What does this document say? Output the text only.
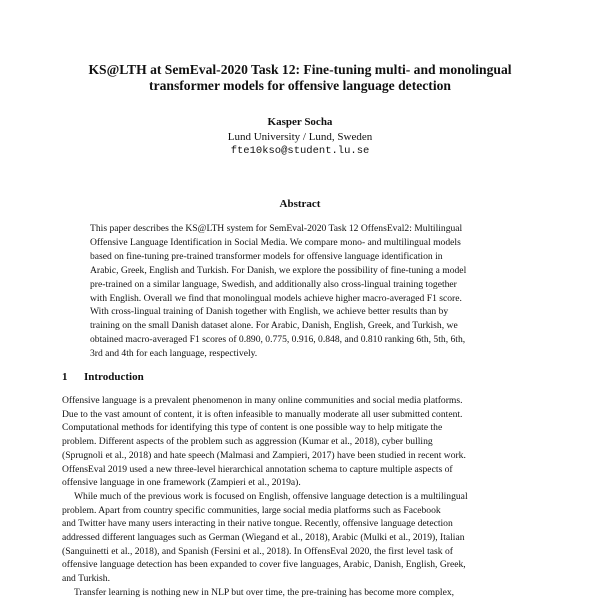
KS@LTH at SemEval-2020 Task 12: Fine-tuning multi- and monolingual
transformer models for offensive language detection
Kasper Socha
Lund University / Lund, Sweden
fte10kso@student.lu.se
Abstract
This paper describes the KS@LTH system for SemEval-2020 Task 12 OffensEval2: Multilingual
Offensive Language Identification in Social Media. We compare mono- and multilingual models
based on fine-tuning pre-trained transformer models for offensive language identification in
Arabic, Greek, English and Turkish. For Danish, we explore the possibility of fine-tuning a model
pre-trained on a similar language, Swedish, and additionally also cross-lingual training together
with English. Overall we find that monolingual models achieve higher macro-averaged F1 score.
With cross-lingual training of Danish together with English, we achieve better results than by
training on the small Danish dataset alone. For Arabic, Danish, English, Greek, and Turkish, we
obtained macro-averaged F1 scores of 0.890, 0.775, 0.916, 0.848, and 0.810 ranking 6th, 5th, 6th,
3rd and 4th for each language, respectively.
1 Introduction
Offensive language is a prevalent phenomenon in many online communities and social media platforms.
Due to the vast amount of content, it is often infeasible to manually moderate all user submitted content.
Computational methods for identifying this type of content is one possible way to help mitigate the
problem. Different aspects of the problem such as aggression (Kumar et al., 2018), cyber bulling
(Sprugnoli et al., 2018) and hate speech (Malmasi and Zampieri, 2017) have been studied in recent work.
OffensEval 2019 used a new three-level hierarchical annotation schema to capture multiple aspects of
offensive language in one framework (Zampieri et al., 2019a).
While much of the previous work is focused on English, offensive language detection is a multilingual
problem. Apart from country specific communities, large social media platforms such as Facebook
and Twitter have many users interacting in their native tongue. Recently, offensive language detection
addressed different languages such as German (Wiegand et al., 2018), Arabic (Mulki et al., 2019), Italian
(Sanguinetti et al., 2018), and Spanish (Fersini et al., 2018). In OffensEval 2020, the first level task of
offensive language detection has been expanded to cover five languages, Arabic, Danish, English, Greek,
and Turkish.
Transfer learning is nothing new in NLP but over time, the pre-training has become more complex,
